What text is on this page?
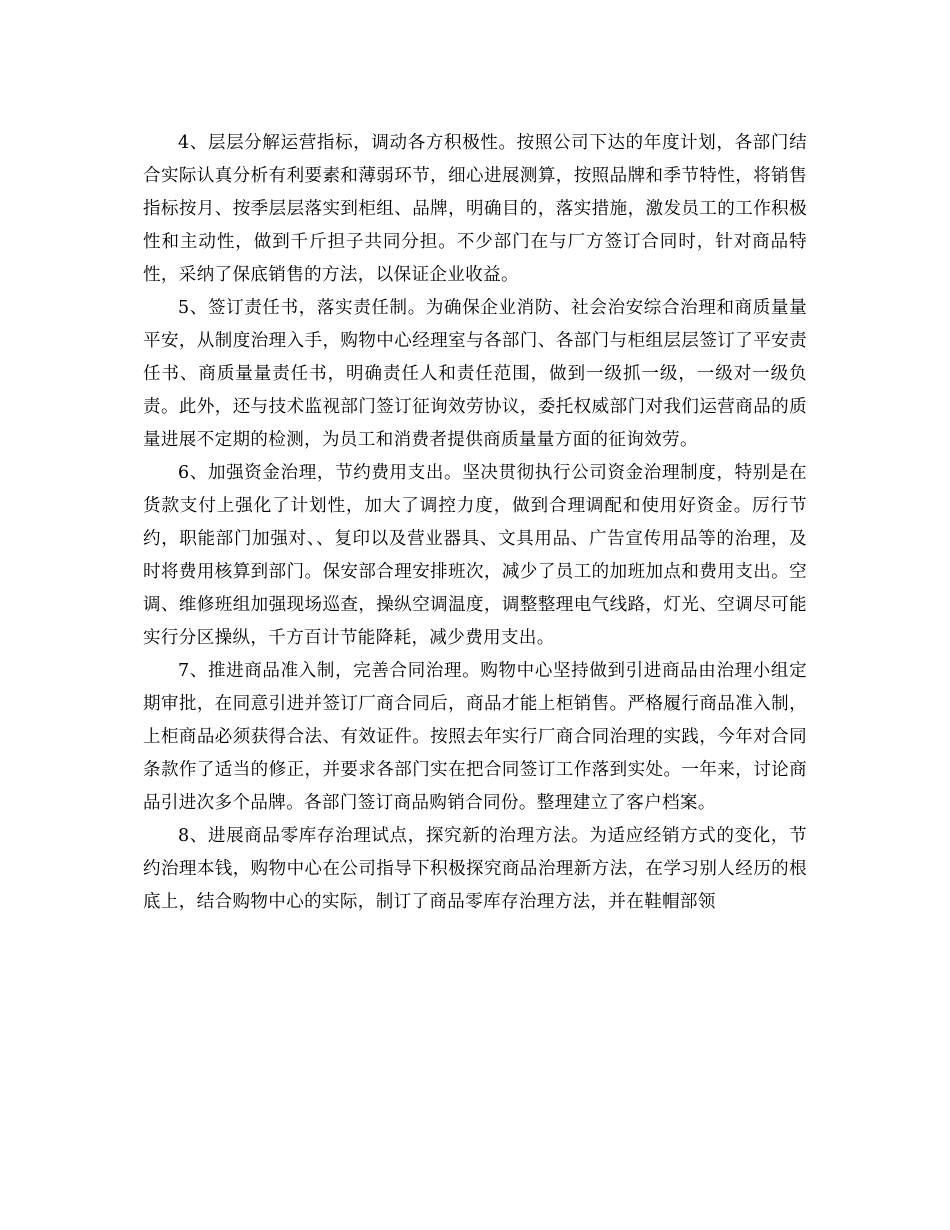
4、层层分解运营指标，调动各方积极性。按照公司下达的年度计划，各部门结合实际认真分析有利要素和薄弱环节，细心进展测算，按照品牌和季节特性，将销售指标按月、按季层层落实到柜组、品牌，明确目的，落实措施，激发员工的工作积极性和主动性，做到千斤担子共同分担。不少部门在与厂方签订合同时，针对商品特性，采纳了保底销售的方法，以保证企业收益。

5、签订责任书，落实责任制。为确保企业消防、社会治安综合治理和商质量量平安，从制度治理入手，购物中心经理室与各部门、各部门与柜组层层签订了平安责任书、商质量量责任书，明确责任人和责任范围，做到一级抓一级，一级对一级负责。此外，还与技术监视部门签订征询效劳协议，委托权威部门对我们运营商品的质量进展不定期的检测，为员工和消费者提供商质量量方面的征询效劳。

6、加强资金治理，节约费用支出。坚决贯彻执行公司资金治理制度，特别是在货款支付上强化了计划性，加大了调控力度，做到合理调配和使用好资金。厉行节约，职能部门加强对、、复印以及营业器具、文具用品、广告宣传用品等的治理，及时将费用核算到部门。保安部合理安排班次，减少了员工的加班加点和费用支出。空调、维修班组加强现场巡查，操纵空调温度，调整整理电气线路，灯光、空调尽可能实行分区操纵，千方百计节能降耗，减少费用支出。

7、推进商品准入制，完善合同治理。购物中心坚持做到引进商品由治理小组定期审批，在同意引进并签订厂商合同后，商品才能上柜销售。严格履行商品准入制，上柜商品必须获得合法、有效证件。按照去年实行厂商合同治理的实践，今年对合同条款作了适当的修正，并要求各部门实在把合同签订工作落到实处。一年来，讨论商品引进次多个品牌。各部门签订商品购销合同份。整理建立了客户档案。

8、进展商品零库存治理试点，探究新的治理方法。为适应经销方式的变化，节约治理本钱，购物中心在公司指导下积极探究商品治理新方法，在学习别人经历的根底上，结合购物中心的实际，制订了商品零库存治理方法，并在鞋帽部领
